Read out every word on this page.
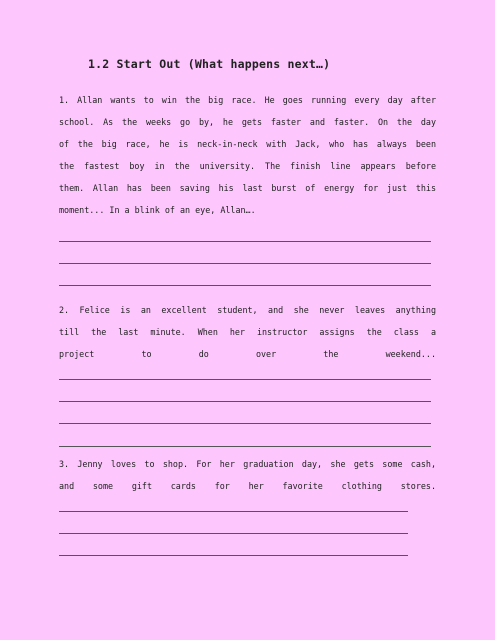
1.2 Start Out (What happens next…)
1. Allan wants to win the big race. He goes running every day after
school. As the weeks go by, he gets faster and faster. On the day
of the big race, he is neck-in-neck with Jack, who has always been
the fastest boy in the university. The finish line appears before
them. Allan has been saving his last burst of energy for just this
moment... In a blink of an eye, Allan….
2. Felice is an excellent student, and she never leaves anything
till the last minute. When her instructor assigns the class a
project to do over the weekend...
3. Jenny loves to shop. For her graduation day, she gets some cash,
and some gift cards for her favorite clothing stores.
